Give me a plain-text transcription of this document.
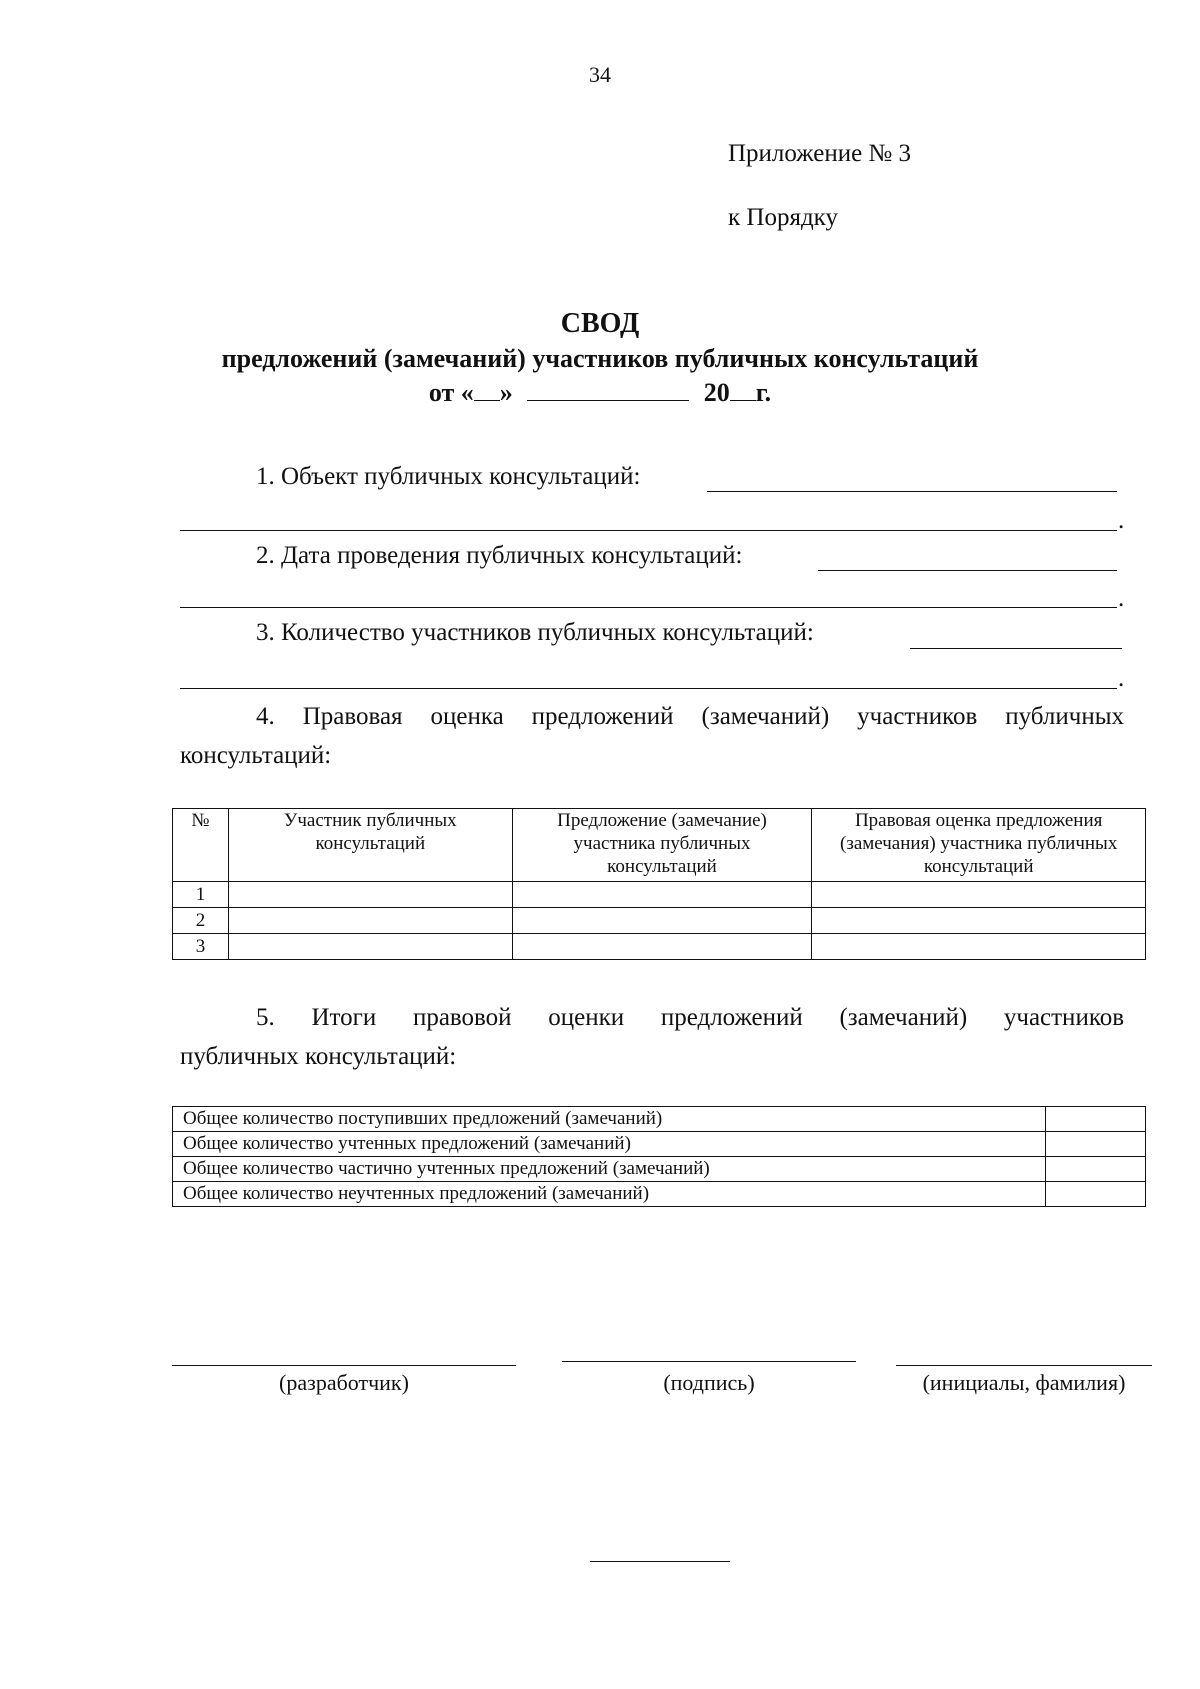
34
Приложение № 3
к Порядку
СВОД
предложений (замечаний) участников публичных консультаций
от « »	20 г.
1. Объект публичных консультаций:
.
2. Дата проведения публичных консультаций:
.
3. Количество участников публичных консультаций:
.
4. Правовая оценка предложений (замечаний) участников публичных
консультаций:
№	Участник публичных консультаций	Предложение (замечание) участника публичных консультаций	Правовая оценка предложения (замечания) участника публичных консультаций
1			
2			
3			
5. Итоги правовой оценки предложений (замечаний) участников
публичных консультаций:
Общее количество поступивших предложений (замечаний)	
Общее количество учтенных предложений (замечаний)	
Общее количество частично учтенных предложений (замечаний)	
Общее количество неучтенных предложений (замечаний)	
(разработчик)	(подпись)	(инициалы, фамилия)
